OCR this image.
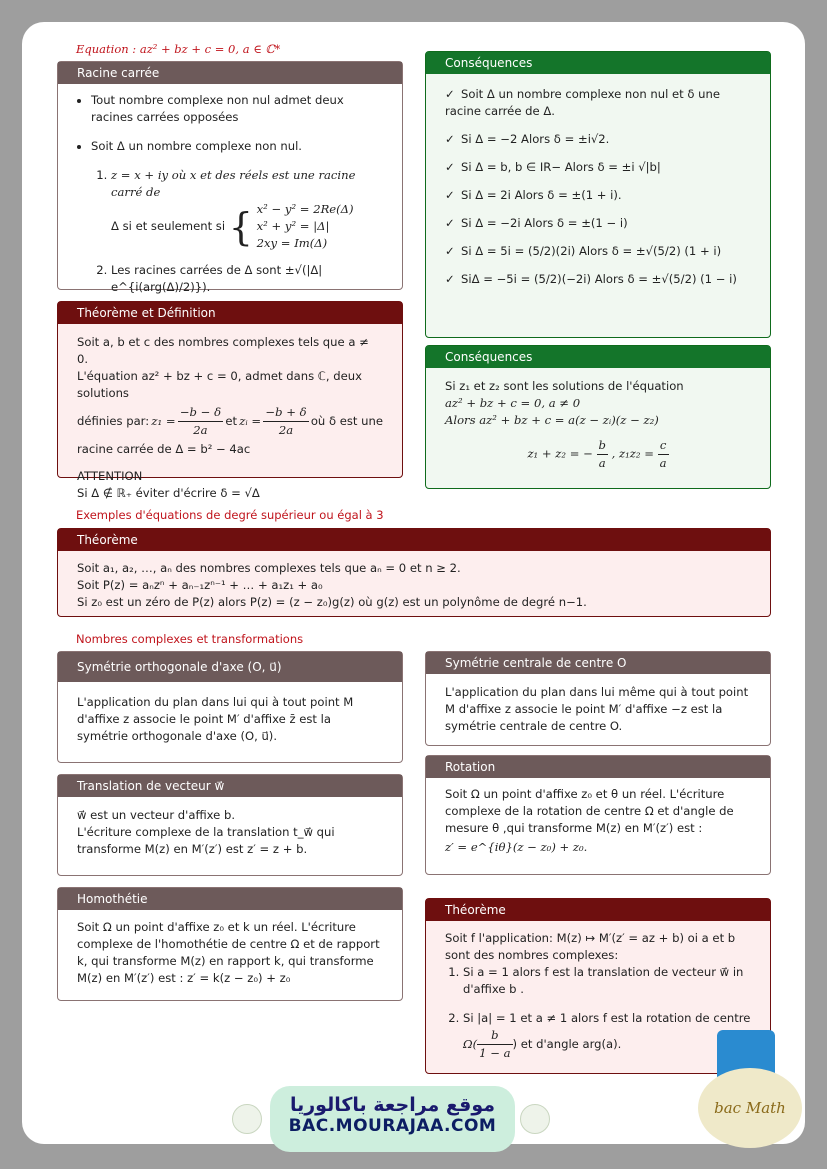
Equation : az² + bz + c = 0, a ∈ ℂ*
Exemples d'équations de degré supérieur ou égal à 3
Nombres complexes et transformations
Racine carrée
• Tout nombre complexe non nul admet deux racines carrées opposées
• Soit Δ un nombre complexe non nul.
1. z = x + iy où x et des réels est une racine carré de
Δ si et seulement si { x² − y² = 2Re(Δ)
x² + y² = |Δ|
2xy = Im(Δ)
2. Les racines carrées de Δ sont ±√(|Δ| e^{i(arg(Δ)/2)}).
Théorème et Définition
Soit a, b et c des nombres complexes tels que a ≠ 0.
L'équation az² + bz + c = 0, admet dans ℂ, deux solutions
définies par: $z_1 = \frac{-b - \delta}{2a}$ et zᵢ = $\frac{-b + \delta}{2a}$ où δ est une
racine carrée de Δ = b² − 4ac
ATTENTION
Si Δ ∉ ℝ₊ éviter d'écrire δ = √Δ
Conséquences
✓ Soit Δ un nombre complexe non nul et δ une racine carrée de Δ.
✓ Si Δ = −2 Alors δ = ±i√2.
✓ Si Δ = b, b ∈ IR− Alors δ = ±i √|b|
✓ Si Δ = 2i Alors δ = ±(1 + i).
✓ Si Δ = −2i Alors δ = ±(1 − i)
✓ Si Δ = 5i = (5/2)(2i) Alors δ = ±√(5/2) (1 + i)
✓ SiΔ = −5i = (5/2)(−2i) Alors δ = ±√(5/2) (1 − i)
Conséquences
Si z₁ et z₂ sont les solutions de l'équation
az² + bz + c = 0, a ≠ 0
Alors az² + bz + c = a(z − zᵢ)(z − z₂)
z₁ + z₂ = − $\frac{b}{a}$ , $z_1z_2 = \frac{c}{a}$
Théorème
Soit a₁, a₂, …, aₙ des nombres complexes tels que aₙ = 0 et n ≥ 2.
Soit P(z) = aₙzⁿ + aₙ₋₁zⁿ⁻¹ + … + a₁z₁ + a₀
Si z₀ est un zéro de P(z) alors P(z) = (z − z₀)g(z) où g(z) est un polynôme de degré n−1.
Symétrie orthogonale d'axe (O, u⃗)
L'application du plan dans lui qui à tout point M d'affixe z associe le point M′ d'affixe z̄ est la symétrie orthogonale d'axe (O, u⃗).
Symétrie centrale de centre O
L'application du plan dans lui même qui à tout point M d'affixe z associe le point M′ d'affixe −z est la symétrie centrale de centre O.
Translation de vecteur w⃗
w⃗ est un vecteur d'affixe b.
L'écriture complexe de la translation t_w⃗ qui transforme M(z) en M′(z′) est z′ = z + b.
Rotation
Soit Ω un point d'affixe z₀ et θ un réel. L'écriture complexe de la rotation de centre Ω et d'angle de mesure θ ,qui transforme M(z) en M′(z′) est :
z′ = e^{iθ}(z − z₀) + z₀.
Homothétie
Soit Ω un point d'affixe z₀ et k un réel. L'écriture complexe de l'homothétie de centre Ω et de rapport k, qui transforme M(z) en rapport k, qui transforme M(z) en M′(z′) est : z′ = k(z − z₀) + z₀
Théorème
Soit f l'application: M(z) ↦ M′(z′ = az + b) oi a et b sont des nombres complexes:
1. Si a = 1 alors f est la translation de vecteur w⃗ in d'affixe b .
2. Si |a| = 1 et a ≠ 1 alors f est la rotation de centre
$\Omega( \frac{b}{1 - a}$ ) et d'angle arg(a).
موقع مراجعة باكالوريا
BAC.MOURAJAA.COM
bac Math
